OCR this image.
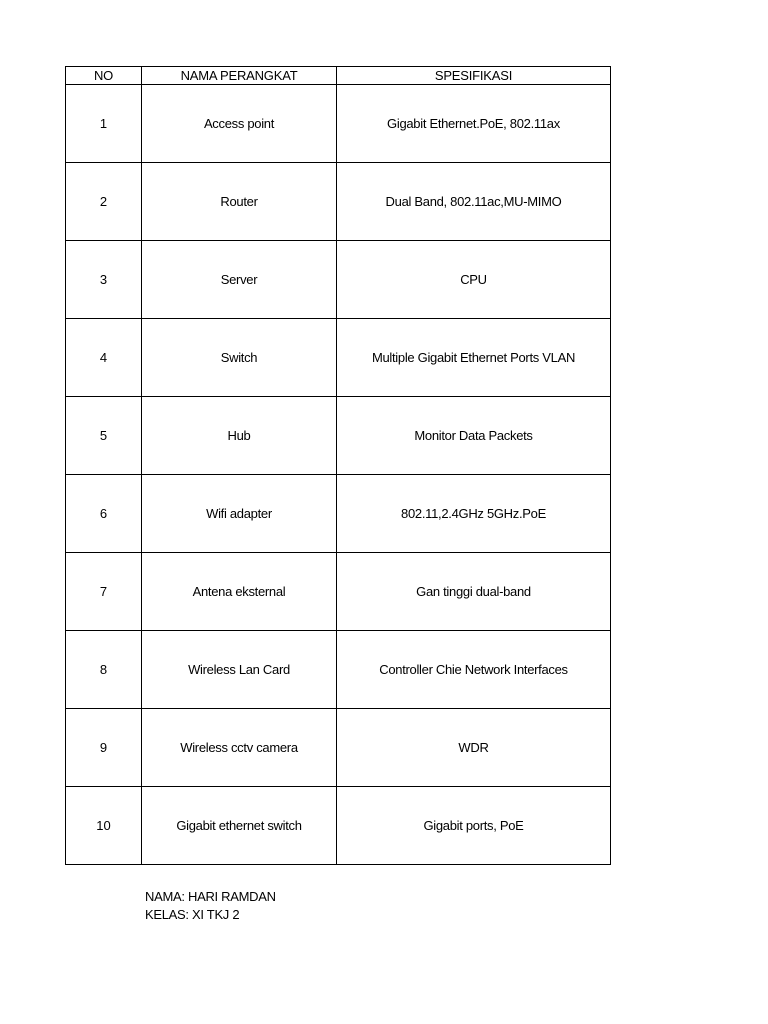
NO	NAMA PERANGKAT	SPESIFIKASI
1	Access point	Gigabit Ethernet.PoE, 802.11ax
2	Router	Dual Band, 802.11ac,MU-MIMO
3	Server	CPU
4	Switch	Multiple Gigabit Ethernet Ports VLAN
5	Hub	Monitor Data Packets
6	Wifi adapter	802.11,2.4GHz 5GHz.PoE
7	Antena eksternal	Gan tinggi dual-band
8	Wireless Lan Card	Controller Chie Network Interfaces
9	Wireless cctv camera	WDR
10	Gigabit ethernet switch	Gigabit ports, PoE
NAMA: HARI RAMDAN
KELAS: XI TKJ 2
